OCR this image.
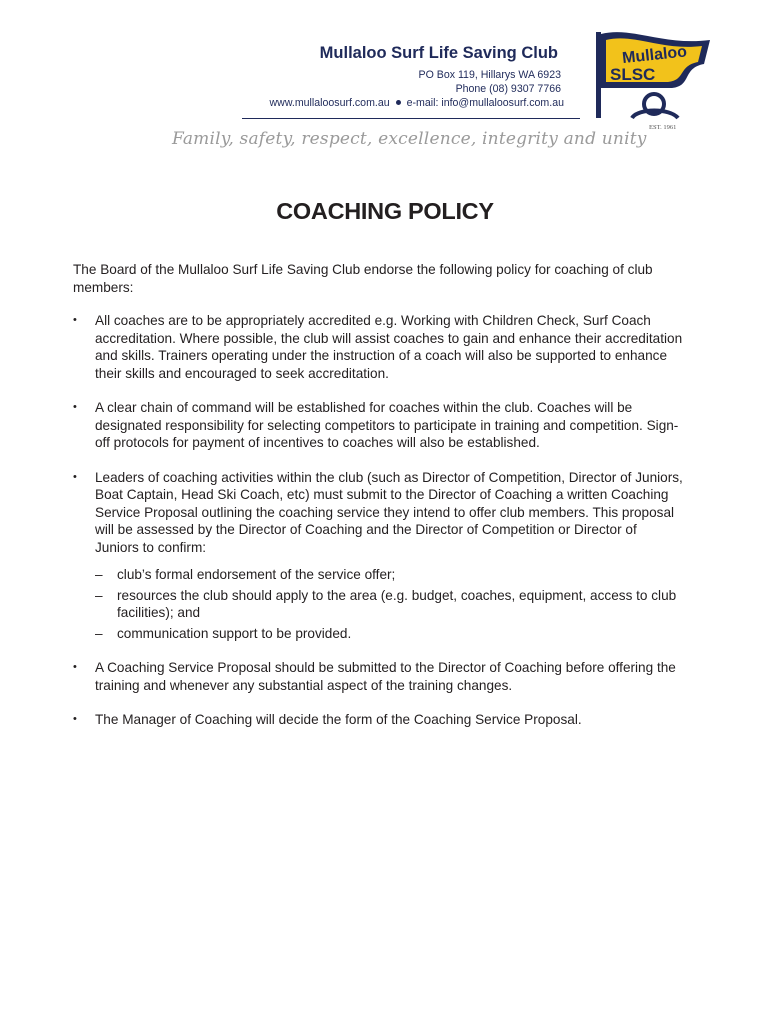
Mullaloo Surf Life Saving Club
PO Box 119, Hillarys WA 6923
Phone (08) 9307 7766
www.mullaloosurf.com.au e-mail: info@mullaloosurf.com.au
Family, safety, respect, excellence, integrity and unity
Mullaloo
SLSC
EST. 1961
COACHING POLICY

The Board of the Mullaloo Surf Life Saving Club endorse the following policy for coaching of club members:

• All coaches are to be appropriately accredited e.g. Working with Children Check, Surf Coach accreditation. Where possible, the club will assist coaches to gain and enhance their accreditation and skills. Trainers operating under the instruction of a coach will also be supported to enhance their skills and encouraged to seek accreditation.
• A clear chain of command will be established for coaches within the club. Coaches will be designated responsibility for selecting competitors to participate in training and competition. Sign-off protocols for payment of incentives to coaches will also be established.
• Leaders of coaching activities within the club (such as Director of Competition, Director of Juniors, Boat Captain, Head Ski Coach, etc) must submit to the Director of Coaching a written Coaching Service Proposal outlining the coaching service they intend to offer club members. This proposal will be assessed by the Director of Coaching and the Director of Competition or Director of Juniors to confirm:
– club’s formal endorsement of the service offer;
– resources the club should apply to the area (e.g. budget, coaches, equipment, access to club facilities); and
– communication support to be provided.
• A Coaching Service Proposal should be submitted to the Director of Coaching before offering the training and whenever any substantial aspect of the training changes.
• The Manager of Coaching will decide the form of the Coaching Service Proposal.
